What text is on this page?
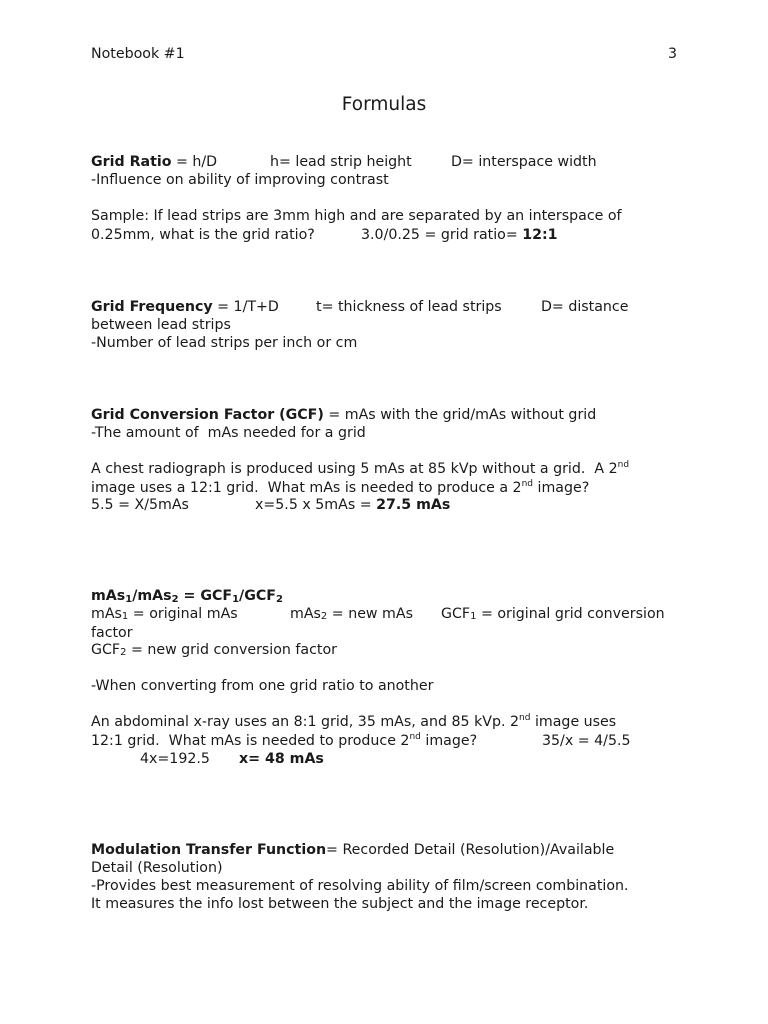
Notebook #1	3
Formulas
Grid Ratio = h/D	h= lead strip height	D= interspace width
-Influence on ability of improving contrast
Sample: If lead strips are 3mm high and are separated by an interspace of
0.25mm, what is the grid ratio?	3.0/0.25 = grid ratio= 12:1
Grid Frequency = 1/T+D	t= thickness of lead strips	D= distance
between lead strips
-Number of lead strips per inch or cm
Grid Conversion Factor (GCF) = mAs with the grid/mAs without grid
-The amount of  mAs needed for a grid
A chest radiograph is produced using 5 mAs at 85 kVp without a grid.  A 2nd
image uses a 12:1 grid.  What mAs is needed to produce a 2nd image?
5.5 = X/5mAs	x=5.5 x 5mAs = 27.5 mAs
mAs1/mAs2 = GCF1/GCF2
mAs1 = original mAs	mAs2 = new mAs GCF1 = original grid conversion
factor
GCF2 = new grid conversion factor
-When converting from one grid ratio to another
An abdominal x-ray uses an 8:1 grid, 35 mAs, and 85 kVp. 2nd image uses
12:1 grid.  What mAs is needed to produce 2nd image?	35/x = 4/5.5
4x=192.5 x= 48 mAs
Modulation Transfer Function= Recorded Detail (Resolution)/Available
Detail (Resolution)
-Provides best measurement of resolving ability of film/screen combination.
It measures the info lost between the subject and the image receptor.
